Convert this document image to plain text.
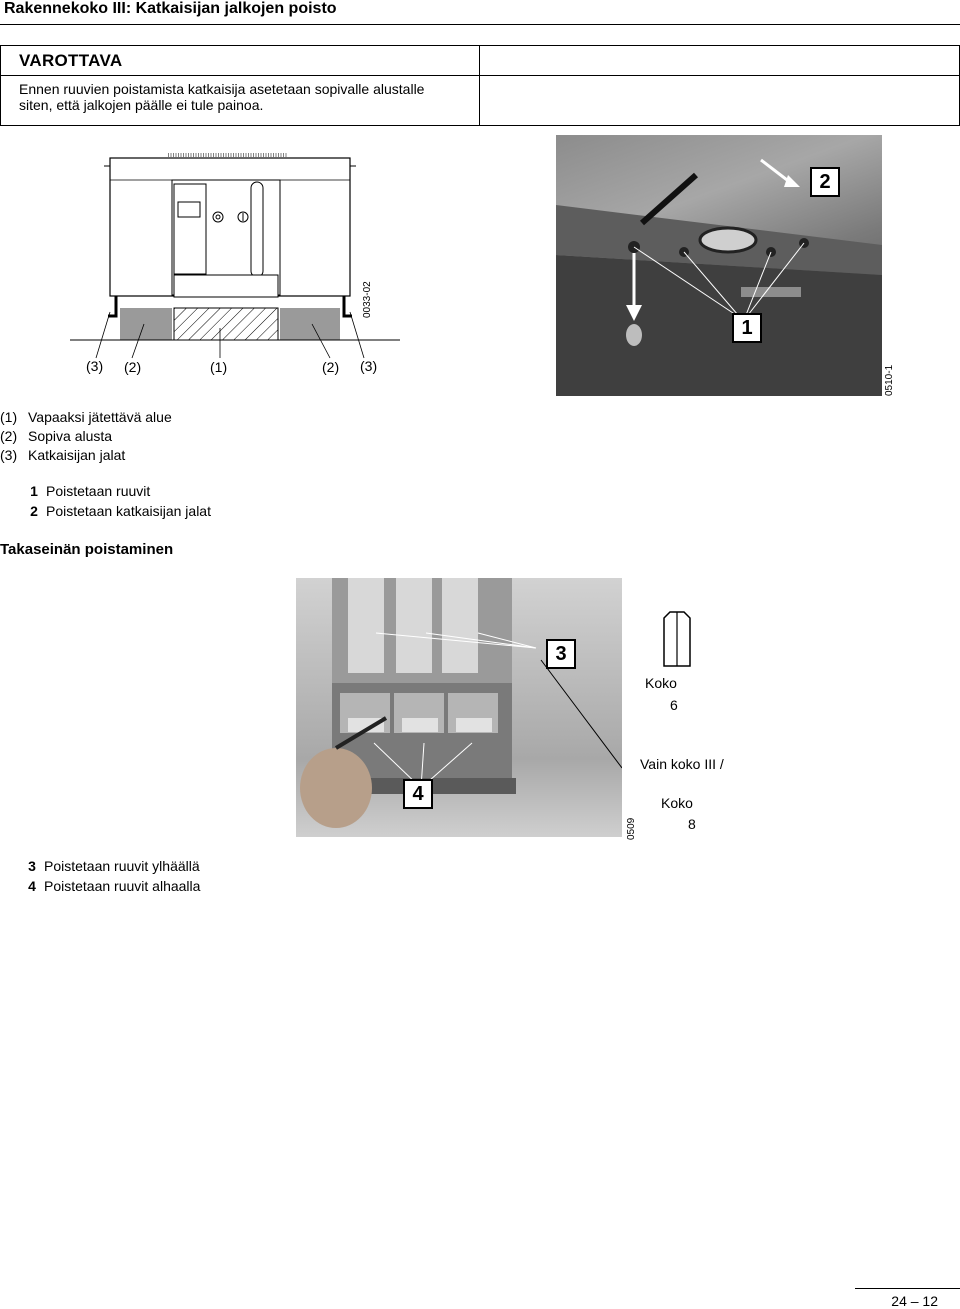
Rakennekoko III: Katkaisijan jalkojen poisto
VAROTTAVA
Ennen ruuvien poistamista katkaisija asetetaan sopivalle alustalle
siten, että jalkojen päälle ei tule painoa.
0033-02
(3) (2)	(1)	(2) (3)
2
1
0510-1
(1) Vapaaksi jätettävä alue
(2) Sopiva alusta
(3) Katkaisijan jalat
1 Poistetaan ruuvit
2 Poistetaan katkaisijan jalat
Takaseinän poistaminen
3
4
0509
Koko
6
Vain koko III /
Koko
8
3 Poistetaan ruuvit ylhäällä
4 Poistetaan ruuvit alhaalla
24 – 12
